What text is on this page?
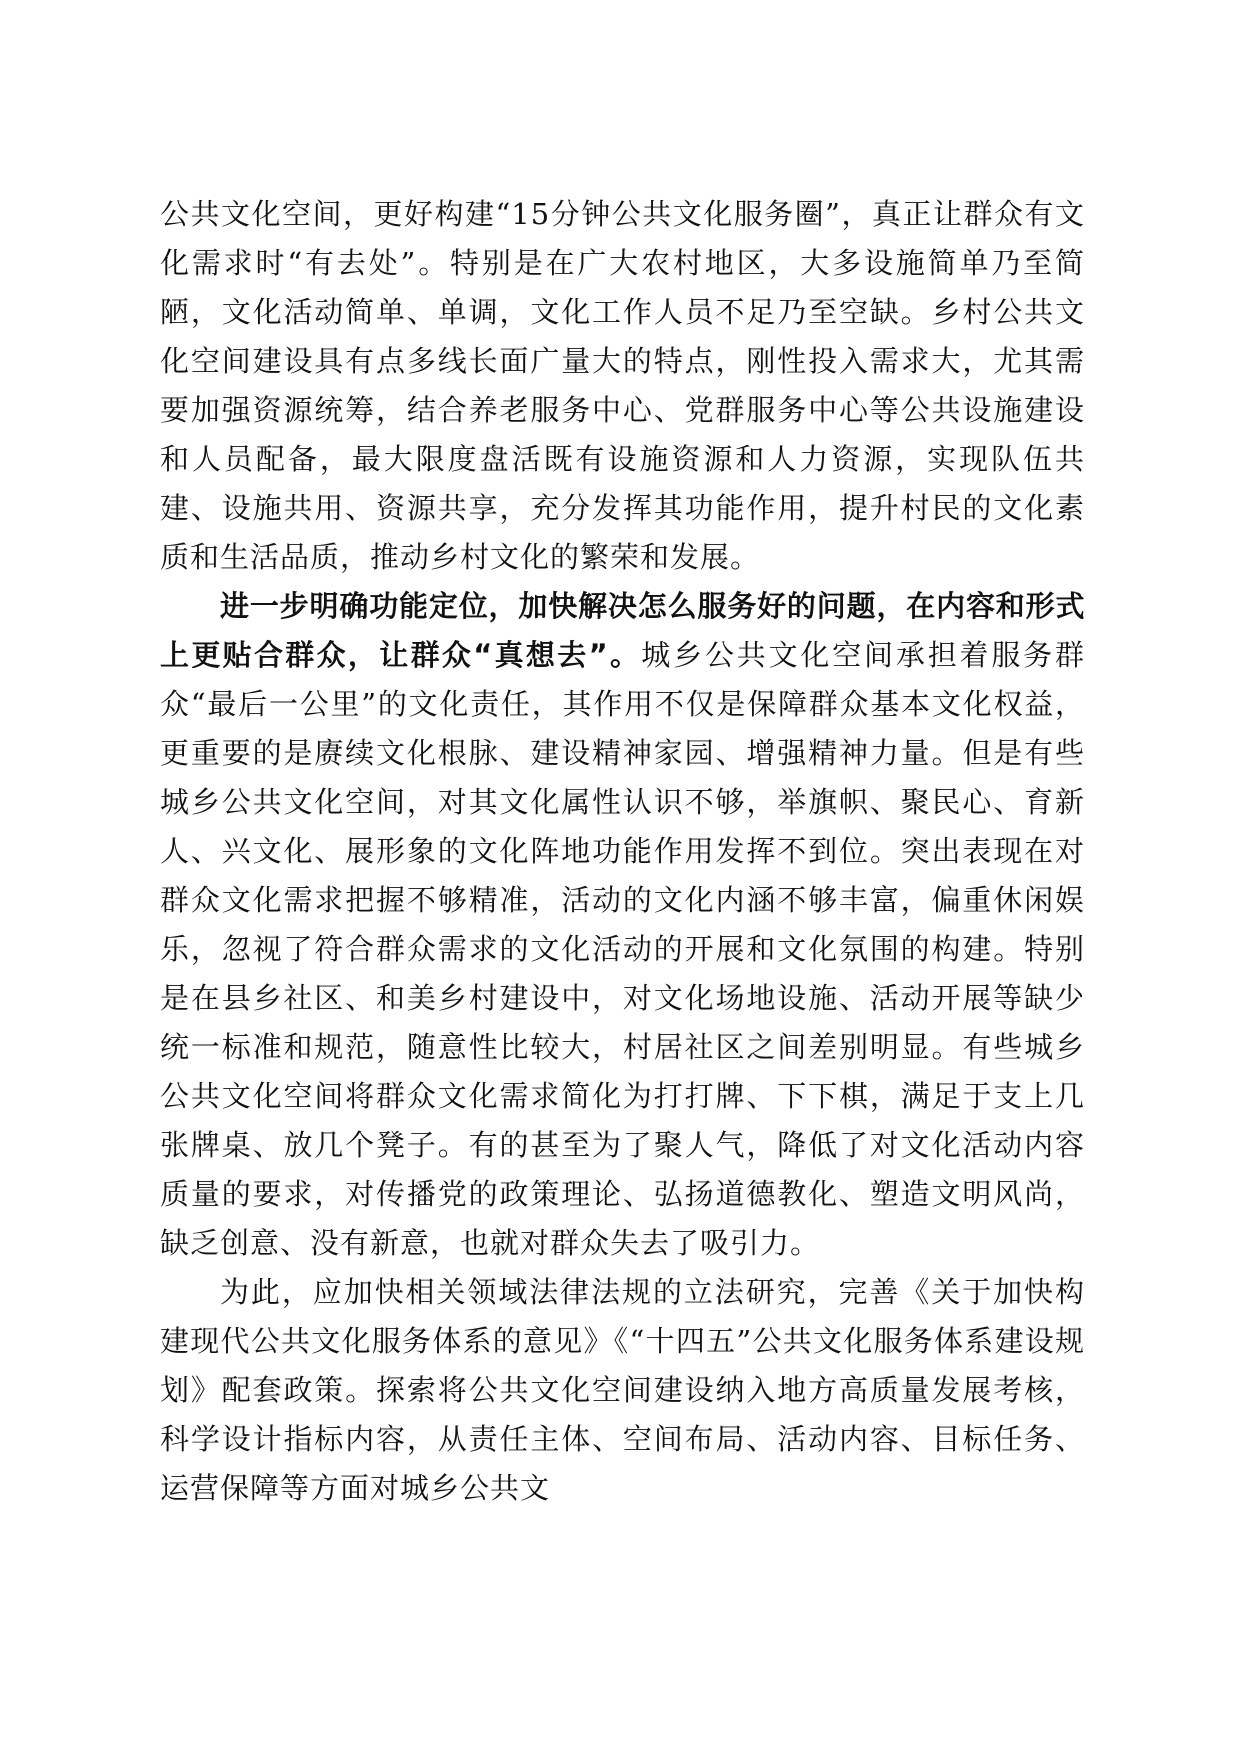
公共文化空间，更好构建“15分钟公共文化服务圈”，真正让群众有文化需求时“有去处”。特别是在广大农村地区，大多设施简单乃至简陋，文化活动简单、单调，文化工作人员不足乃至空缺。乡村公共文化空间建设具有点多线长面广量大的特点，刚性投入需求大，尤其需要加强资源统筹，结合养老服务中心、党群服务中心等公共设施建设和人员配备，最大限度盘活既有设施资源和人力资源，实现队伍共建、设施共用、资源共享，充分发挥其功能作用，提升村民的文化素质和生活品质，推动乡村文化的繁荣和发展。

进一步明确功能定位，加快解决怎么服务好的问题，在内容和形式上更贴合群众，让群众“真想去”。城乡公共文化空间承担着服务群众“最后一公里”的文化责任，其作用不仅是保障群众基本文化权益，更重要的是赓续文化根脉、建设精神家园、增强精神力量。但是有些城乡公共文化空间，对其文化属性认识不够，举旗帜、聚民心、育新人、兴文化、展形象的文化阵地功能作用发挥不到位。突出表现在对群众文化需求把握不够精准，活动的文化内涵不够丰富，偏重休闲娱乐，忽视了符合群众需求的文化活动的开展和文化氛围的构建。特别是在县乡社区、和美乡村建设中，对文化场地设施、活动开展等缺少统一标准和规范，随意性比较大，村居社区之间差别明显。有些城乡公共文化空间将群众文化需求简化为打打牌、下下棋，满足于支上几张牌桌、放几个凳子。有的甚至为了聚人气，降低了对文化活动内容质量的要求，对传播党的政策理论、弘扬道德教化、塑造文明风尚，缺乏创意、没有新意，也就对群众失去了吸引力。

为此，应加快相关领域法律法规的立法研究，完善《关于加快构建现代公共文化服务体系的意见》《“十四五”公共文化服务体系建设规划》配套政策。探索将公共文化空间建设纳入地方高质量发展考核，科学设计指标内容，从责任主体、空间布局、活动内容、目标任务、运营保障等方面对城乡公共文
